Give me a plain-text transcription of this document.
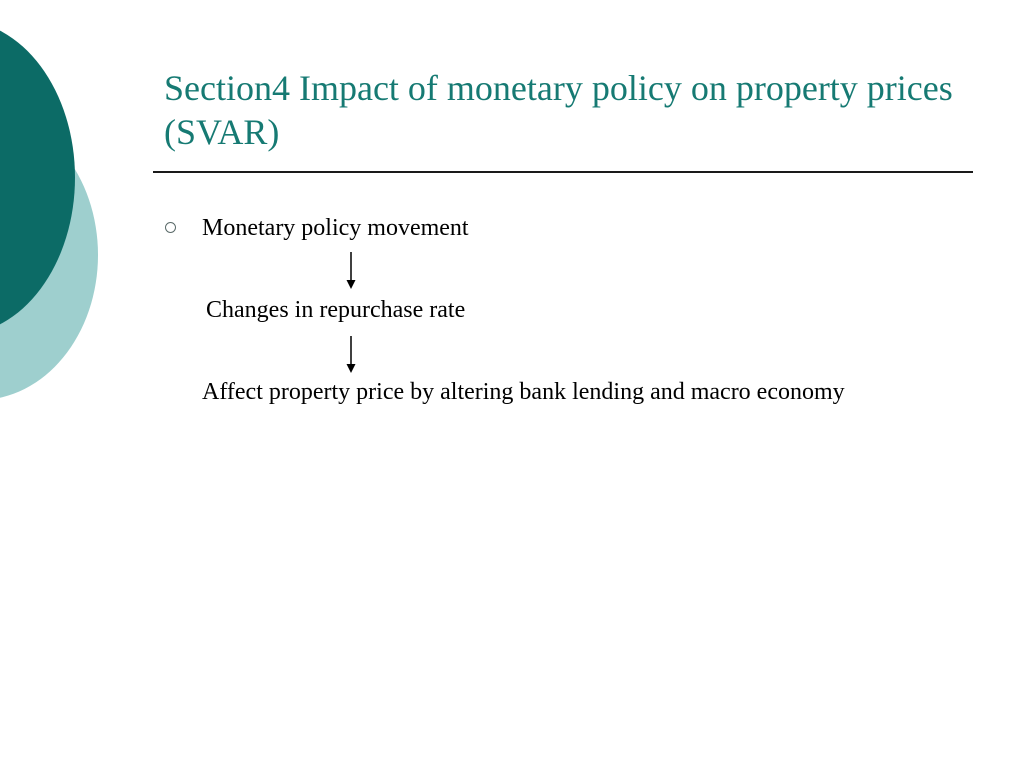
Section4 Impact of monetary policy on property prices (SVAR)
Monetary policy movement
Changes in repurchase rate
Affect property price by altering bank lending and macro economy
